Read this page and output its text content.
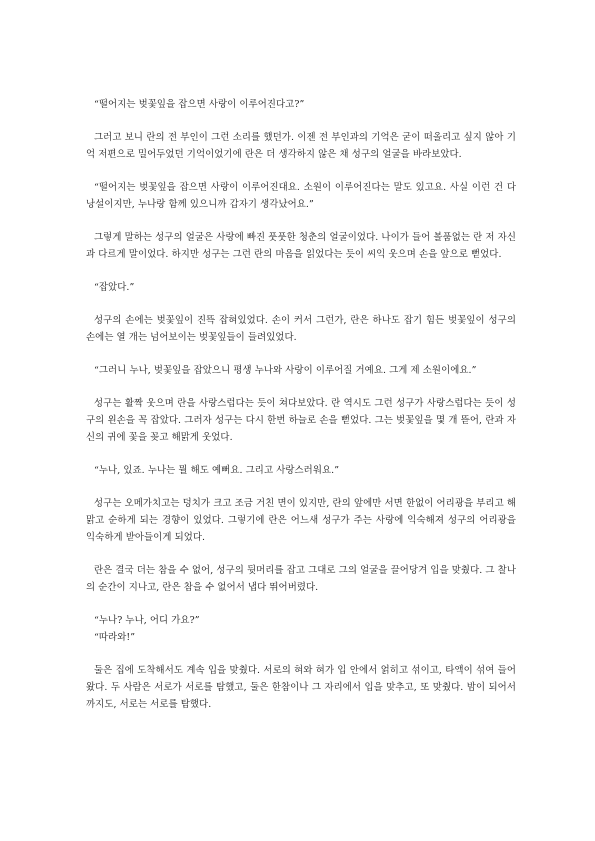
“떨어지는 벚꽃잎을 잡으면 사랑이 이루어진다고?”

그러고 보니 란의 전 부인이 그런 소리를 했던가. 이젠 전 부인과의 기억은 굳이 떠올리고 싶지 않아 기억 저편으로 밀어두었던 기억이었기에 란은 더 생각하지 않은 채 성구의 얼굴을 바라보았다.

“떨어지는 벚꽃잎을 잡으면 사랑이 이루어진대요. 소원이 이루어진다는 말도 있고요. 사실 이런 건 다 낭설이지만, 누나랑 함께 있으니까 갑자기 생각났어요.”

그렇게 말하는 성구의 얼굴은 사랑에 빠진 풋풋한 청춘의 얼굴이었다. 나이가 들어 볼품없는 란 저 자신과 다르게 말이었다. 하지만 성구는 그런 란의 마음을 읽었다는 듯이 씨익 웃으며 손을 앞으로 뻗었다.

“잡았다.”

성구의 손에는 벚꽃잎이 진뜩 잡혀있었다. 손이 커서 그런가, 란은 하나도 잡기 힘든 벚꽃잎이 성구의 손에는 열 개는 넘어보이는 벚꽃잎들이 들려있었다.

“그러니 누나, 벚꽃잎을 잡았으니 평생 누나와 사랑이 이루어질 거예요. 그게 제 소원이에요.”

성구는 활짝 웃으며 란을 사랑스럽다는 듯이 쳐다보았다. 란 역시도 그런 성구가 사랑스럽다는 듯이 성구의 왼손을 꼭 잡았다. 그러자 성구는 다시 한번 하늘로 손을 뻗었다. 그는 벚꽃잎을 몇 개 뜯어, 란과 자신의 귀에 꽃을 꽂고 해맑게 웃었다.

“누나, 있죠. 누나는 뭘 해도 예뻐요. 그리고 사랑스러워요.”

성구는 오메가치고는 덩치가 크고 조금 거친 면이 있지만, 란의 앞에만 서면 한없이 어리광을 부리고 해맑고 순하게 되는 경향이 있었다. 그렇기에 란은 어느새 성구가 주는 사랑에 익숙해져 성구의 어리광을 익숙하게 받아들이게 되었다.

란은 결국 더는 참을 수 없어, 성구의 뒷머리를 잡고 그대로 그의 얼굴을 끌어당겨 입을 맞췄다. 그 찰나의 순간이 지나고, 란은 참을 수 없어서 냅다 뛰어버렸다.

“누나? 누나, 어디 가요?”

“따라와!”

둘은 집에 도착해서도 계속 입을 맞췄다. 서로의 혀와 혀가 입 안에서 얽히고 섞이고, 타액이 섞여 들어왔다. 두 사람은 서로가 서로를 탐했고, 둘은 한참이나 그 자리에서 입을 맞추고, 또 맞췄다. 밤이 되어서까지도, 서로는 서로를 탐했다.
